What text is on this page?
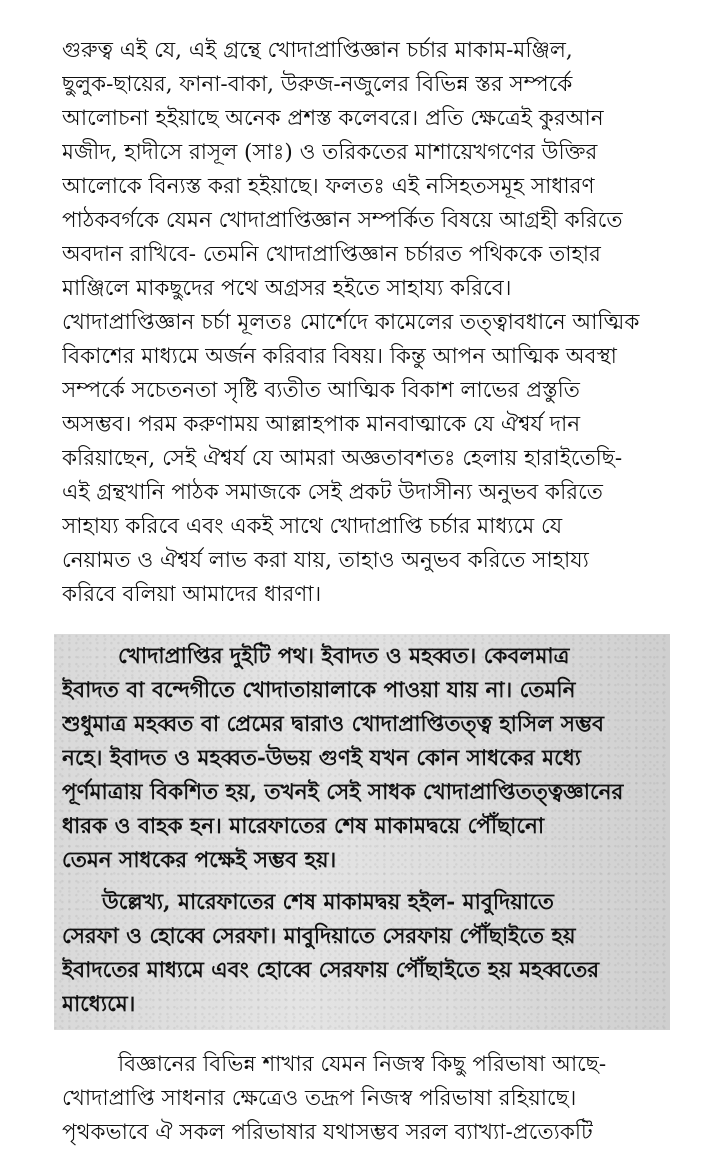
গুরুত্ব এই যে, এই গ্রন্থে খোদাপ্রাপ্তিজ্ঞান চর্চার মাকাম-মঞ্জিল,
ছুলুক-ছায়ের, ফানা-বাকা, উরুজ-নজুলের বিভিন্ন স্তর সম্পর্কে
আলোচনা হইয়াছে অনেক প্রশস্ত কলেবরে। প্রতি ক্ষেত্রেই কুরআন
মজীদ, হাদীসে রাসূল (সাঃ) ও তরিকতের মাশায়েখগণের উক্তির
আলোকে বিন্যস্ত করা হইয়াছে। ফলতঃ এই নসিহতসমূহ সাধারণ
পাঠকবর্গকে যেমন খোদাপ্রাপ্তিজ্ঞান সম্পর্কিত বিষয়ে আগ্রহী করিতে
অবদান রাখিবে- তেমনি খোদাপ্রাপ্তিজ্ঞান চর্চারত পথিককে তাহার
মাঞ্জিলে মাকছুদের পথে অগ্রসর হইতে সাহায্য করিবে।
খোদাপ্রাপ্তিজ্ঞান চর্চা মূলতঃ মোর্শেদে কামেলের তত্ত্বাবধানে আত্মিক
বিকাশের মাধ্যমে অর্জন করিবার বিষয়। কিন্তু আপন আত্মিক অবস্থা
সম্পর্কে সচেতনতা সৃষ্টি ব্যতীত আত্মিক বিকাশ লাভের প্রস্তুতি
অসম্ভব। পরম করুণাময় আল্লাহপাক মানবাত্মাকে যে ঐশ্বর্য দান
করিয়াছেন, সেই ঐশ্বর্য যে আমরা অজ্ঞতাবশতঃ হেলায় হারাইতেছি-
এই গ্রন্থখানি পাঠক সমাজকে সেই প্রকট উদাসীন্য অনুভব করিতে
সাহায্য করিবে এবং একই সাথে খোদাপ্রাপ্তি চর্চার মাধ্যমে যে
নেয়ামত ও ঐশ্বর্য লাভ করা যায়, তাহাও অনুভব করিতে সাহায্য
করিবে বলিয়া আমাদের ধারণা।

খোদাপ্রাপ্তির দুইটি পথ। ইবাদত ও মহব্বত। কেবলমাত্র
ইবাদত বা বন্দেগীতে খোদাতায়ালাকে পাওয়া যায় না। তেমনি
শুধুমাত্র মহব্বত বা প্রেমের দ্বারাও খোদাপ্রাপ্তিতত্ত্ব হাসিল সম্ভব
নহে। ইবাদত ও মহব্বত-উভয় গুণই যখন কোন সাধকের মধ্যে
পূর্ণমাত্রায় বিকশিত হয়, তখনই সেই সাধক খোদাপ্রাপ্তিতত্ত্বজ্ঞানের
ধারক ও বাহক হন। মারেফাতের শেষ মাকামদ্বয়ে পৌঁছানো
তেমন সাধকের পক্ষেই সম্ভব হয়।

উল্লেখ্য, মারেফাতের শেষ মাকামদ্বয় হইল- মাবুদিয়াতে
সেরফা ও হোব্বে সেরফা। মাবুদিয়াতে সেরফায় পৌঁছাইতে হয়
ইবাদতের মাধ্যমে এবং হোব্বে সেরফায় পৌঁছাইতে হয় মহব্বতের
মাধ্যেমে।

বিজ্ঞানের বিভিন্ন শাখার যেমন নিজস্ব কিছু পরিভাষা আছে-
খোদাপ্রাপ্তি সাধনার ক্ষেত্রেও তদ্রূপ নিজস্ব পরিভাষা রহিয়াছে।
পৃথকভাবে ঐ সকল পরিভাষার যথাসম্ভব সরল ব্যাখ্যা-প্রত্যেকটি
